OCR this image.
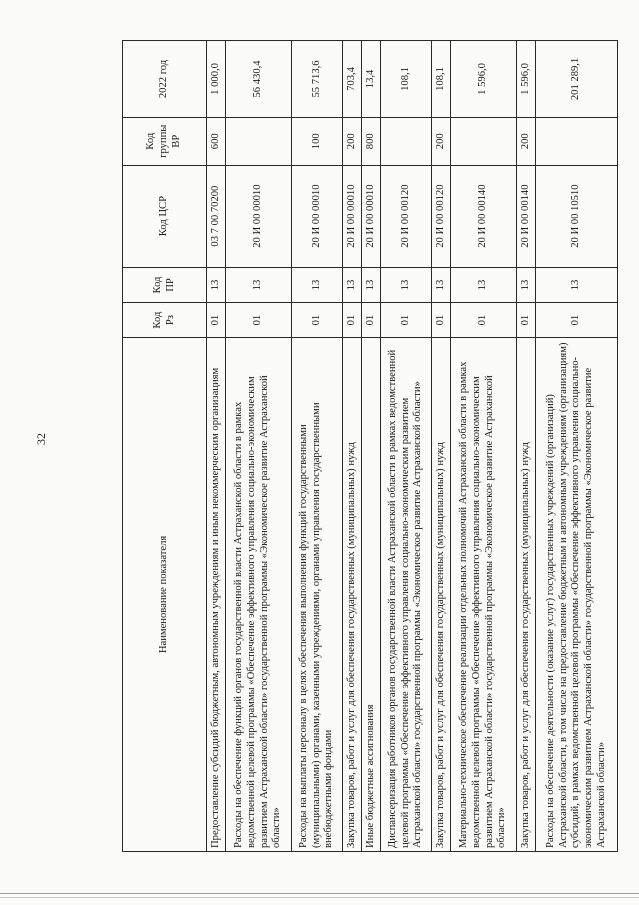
32
Наименование показателя	Код Рз	Код ПР	Код ЦСР	Код группы ВР	2022 год
Предоставление субсидий бюджетным, автономным учреждениям и иным некоммерческим организациям	01	13	03 7 00 70200	600	1 000,0
Расходы на обеспечение функций органов государственной власти Астраханской области в рамках ведомственной целевой программы «Обеспечение эффективного управления социально-экономическим развитием Астраханской области» государственной программы «Экономическое развитие Астраханской области»	01	13	20 И 00 00010		56 430,4
Расходы на выплаты персоналу в целях обеспечения выполнения функций государственными (муниципальными) органами, казенными учреждениями, органами управления государственными внебюджетными фондами	01	13	20 И 00 00010	100	55 713,6
Закупка товаров, работ и услуг для обеспечения государственных (муниципальных) нужд	01	13	20 И 00 00010	200	703,4
Иные бюджетные ассигнования	01	13	20 И 00 00010	800	13,4
Диспансеризация работников органов государственной власти Астраханской области в рамках ведомственной целевой программы «Обеспечение эффективного управления социально-экономическим развитием Астраханской области» государственной программы «Экономическое развитие Астраханской области»	01	13	20 И 00 00120		108,1
Закупка товаров, работ и услуг для обеспечения государственных (муниципальных) нужд	01	13	20 И 00 00120	200	108,1
Материально-техническое обеспечение реализации отдельных полномочий Астраханской области в рамках ведомственной целевой программы «Обеспечение эффективного управления социально-экономическим развитием Астраханской области» государственной программы «Экономическое развитие Астраханской области»	01	13	20 И 00 00140		1 596,0
Закупка товаров, работ и услуг для обеспечения государственных (муниципальных) нужд	01	13	20 И 00 00140	200	1 596,0
Расходы на обеспечение деятельности (оказание услуг) государственных учреждений (организаций) Астраханской области, в том числе на предоставление бюджетным и автономным учреждениям (организациям) субсидий, в рамках ведомственной целевой программы «Обеспечение эффективного управления социально-экономическим развитием Астраханской области» государственной программы «Экономическое развитие Астраханской области»	01	13	20 И 00 10510		201 289,1
